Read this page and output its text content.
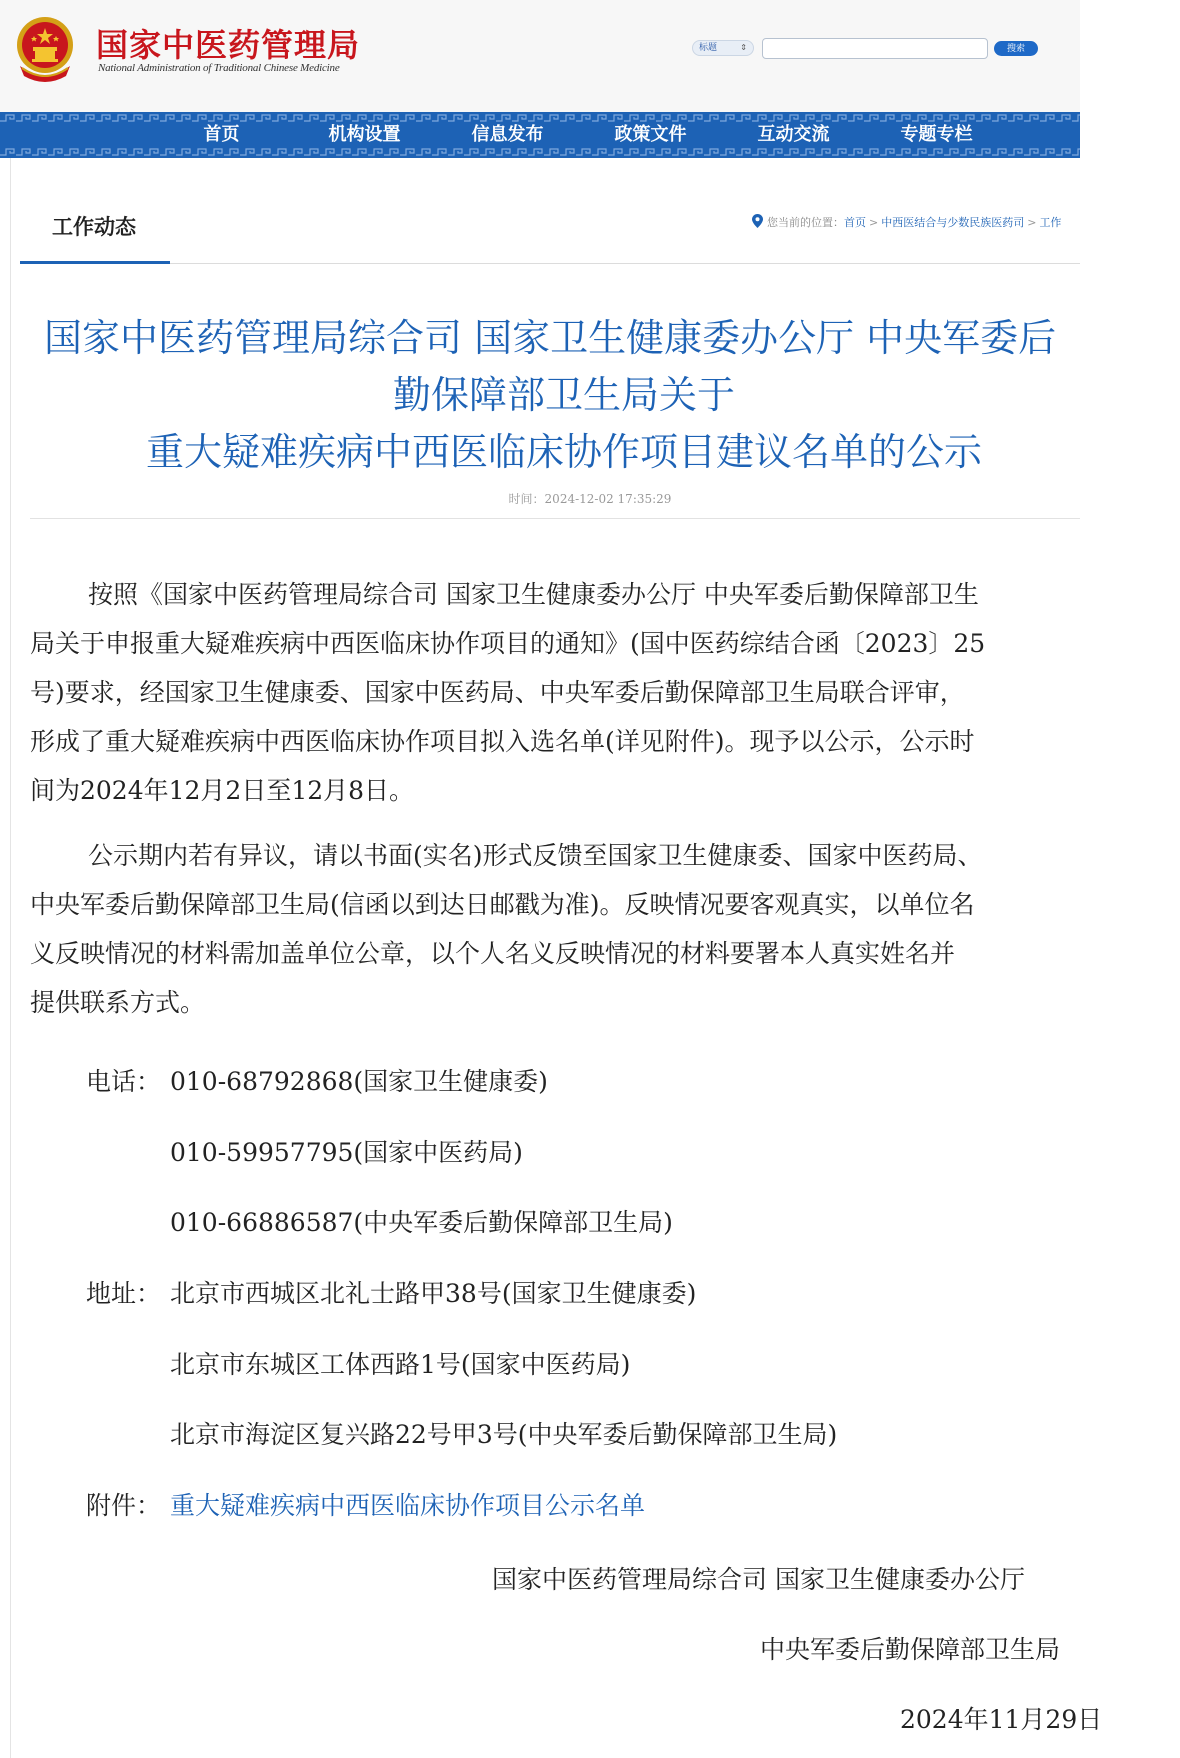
国家中医药管理局
National Administration of Traditional Chinese Medicine
标题	⇕	搜索
首页	机构设置	信息发布	政策文件	互动交流	专题专栏
工作动态	您当前的位置：首页 > 中西医结合与少数民族医药司 > 工作
国家中医药管理局综合司 国家卫生健康委办公厅 中央军委后
勤保障部卫生局关于
重大疑难疾病中西医临床协作项目建议名单的公示
时间：2024-12-02 17:35:29
按照《国家中医药管理局综合司 国家卫生健康委办公厅 中央军委后勤保障部卫生
局关于申报重大疑难疾病中西医临床协作项目的通知》(国中医药综结合函〔2023〕25
号)要求，经国家卫生健康委、国家中医药局、中央军委后勤保障部卫生局联合评审，
形成了重大疑难疾病中西医临床协作项目拟入选名单(详见附件)。现予以公示，公示时
间为2024年12月2日至12月8日。
公示期内若有异议，请以书面(实名)形式反馈至国家卫生健康委、国家中医药局、
中央军委后勤保障部卫生局(信函以到达日邮戳为准)。反映情况要客观真实，以单位名
义反映情况的材料需加盖单位公章，以个人名义反映情况的材料要署本人真实姓名并
提供联系方式。
电话： 010-68792868(国家卫生健康委)
010-59957795(国家中医药局)
010-66886587(中央军委后勤保障部卫生局)
地址： 北京市西城区北礼士路甲38号(国家卫生健康委)
北京市东城区工体西路1号(国家中医药局)
北京市海淀区复兴路22号甲3号(中央军委后勤保障部卫生局)
附件： 重大疑难疾病中西医临床协作项目公示名单
国家中医药管理局综合司 国家卫生健康委办公厅
中央军委后勤保障部卫生局
2024年11月29日
